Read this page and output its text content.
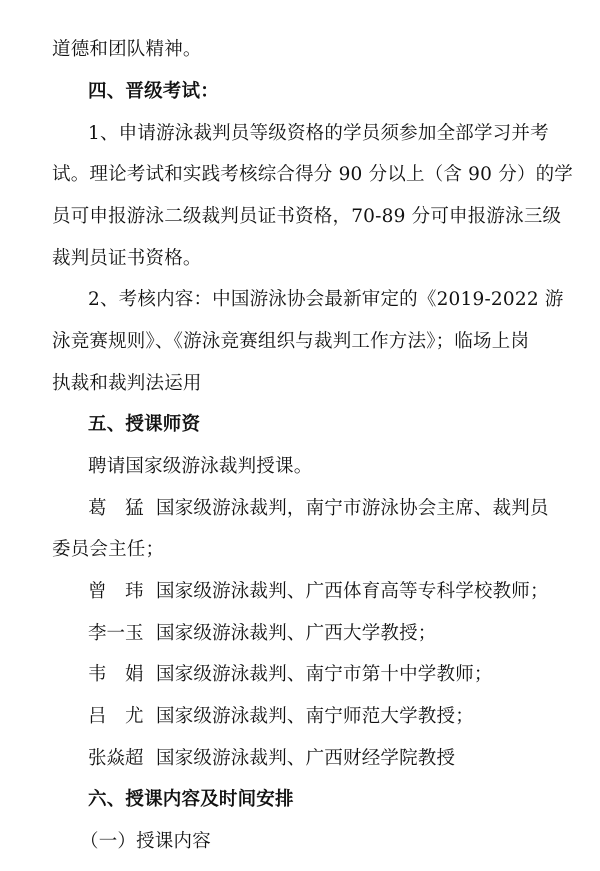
道德和团队精神。
四、晋级考试：
1、申请游泳裁判员等级资格的学员须参加全部学习并考
试。理论考试和实践考核综合得分 90 分以上（含 90 分）的学
员可申报游泳二级裁判员证书资格，70-89 分可申报游泳三级
裁判员证书资格。
2、考核内容：中国游泳协会最新审定的《2019-2022 游
泳竞赛规则》、《游泳竞赛组织与裁判工作方法》；临场上岗
执裁和裁判法运用
五、授课师资
聘请国家级游泳裁判授课。
葛　猛 国家级游泳裁判，南宁市游泳协会主席、裁判员
委员会主任；
曾　玮 国家级游泳裁判、广西体育高等专科学校教师；
李一玉 国家级游泳裁判、广西大学教授；
韦　娟 国家级游泳裁判、南宁市第十中学教师；
吕　尤 国家级游泳裁判、南宁师范大学教授；
张焱超 国家级游泳裁判、广西财经学院教授
六、授课内容及时间安排
（一）授课内容
